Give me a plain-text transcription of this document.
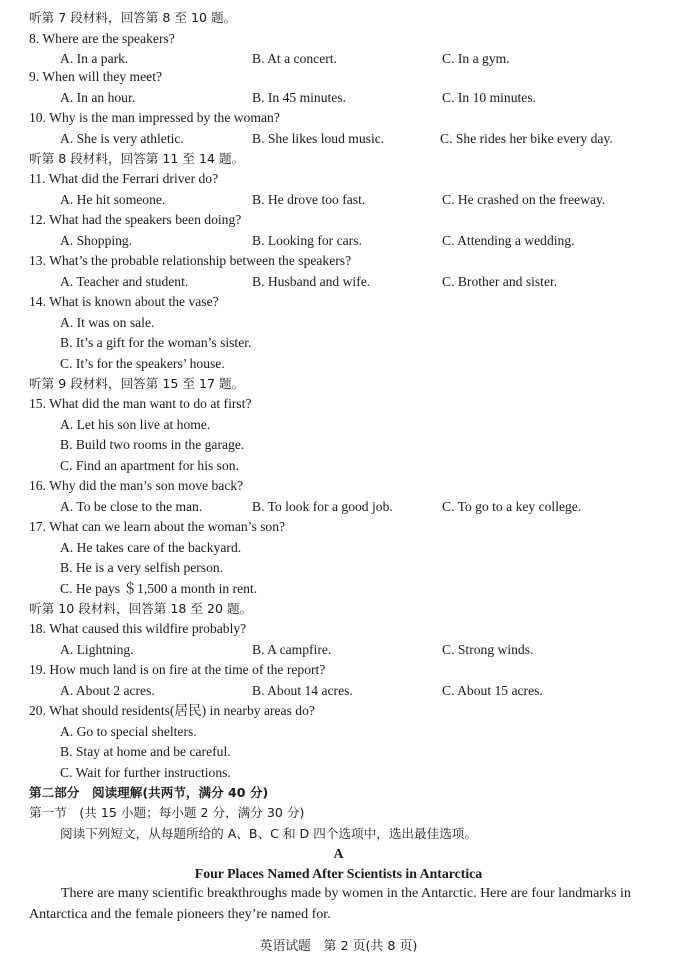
听第 7 段材料，回答第 8 至 10 题。
8. Where are the speakers?
A. In a park.	B. At a concert.	C. In a gym.
9. When will they meet?
A. In an hour.	B. In 45 minutes.	C. In 10 minutes.
10. Why is the man impressed by the woman?
A. She is very athletic.	B. She likes loud music.	C. She rides her bike every day.
听第 8 段材料，回答第 11 至 14 题。
11. What did the Ferrari driver do?
A. He hit someone.	B. He drove too fast.	C. He crashed on the freeway.
12. What had the speakers been doing?
A. Shopping.	B. Looking for cars.	C. Attending a wedding.
13. What’s the probable relationship between the speakers?
A. Teacher and student.	B. Husband and wife.	C. Brother and sister.
14. What is known about the vase?
A. It was on sale.
B. It’s a gift for the woman’s sister.
C. It’s for the speakers’ house.
听第 9 段材料，回答第 15 至 17 题。
15. What did the man want to do at first?
A. Let his son live at home.
B. Build two rooms in the garage.
C. Find an apartment for his son.
16. Why did the man’s son move back?
A. To be close to the man.	B. To look for a good job.	C. To go to a key college.
17. What can we learn about the woman’s son?
A. He takes care of the backyard.
B. He is a very selfish person.
C. He pays ＄1,500 a month in rent.
听第 10 段材料，回答第 18 至 20 题。
18. What caused this wildfire probably?
A. Lightning.	B. A campfire.	C. Strong winds.
19. How much land is on fire at the time of the report?
A. About 2 acres.	B. About 14 acres.	C. About 15 acres.
20. What should residents(居民) in nearby areas do?
A. Go to special shelters.
B. Stay at home and be careful.
C. Wait for further instructions.
第二部分　阅读理解(共两节，满分 40 分)
第一节　(共 15 小题；每小题 2 分，满分 30 分)
阅读下列短文，从每题所给的 A、B、C 和 D 四个选项中，选出最佳选项。
A
Four Places Named After Scientists in Antarctica
There are many scientific breakthroughs made by women in the Antarctic. Here are four landmarks in Antarctica and the female pioneers they’re named for.
英语试题　第 2 页(共 8 页)
